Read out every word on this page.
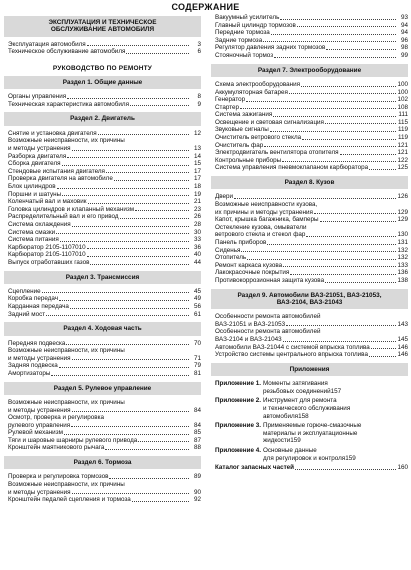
СОДЕРЖАНИЕ
ЭКСПЛУАТАЦИЯ И ТЕХНИЧЕСКОЕ ОБСЛУЖИВАНИЕ АВТОМОБИЛЯ
Эксплуатация автомобиля	3
Техническое обслуживание автомобиля	6
РУКОВОДСТВО ПО РЕМОНТУ
Раздел 1. Общие данные
Органы управления	8
Техническая характеристика автомобиля	9
Раздел 2. Двигатель
Снятие и установка двигателя	12
Возможные неисправности, их причины
и методы устранения	13
Разборка двигателя	14
Сборка двигателя	15
Стендовые испытания двигателя	17
Проверка двигателя на автомобиле	17
Блок цилиндров	18
Поршни и шатуны	19
Коленчатый вал и маховик	21
Головка цилиндров и клапанный механизм	23
Распределительный вал и его привод	26
Система охлаждения	28
Система смазки	30
Система питания	33
Карбюратор 2105-1107010	36
Карбюратор 2105-1107010	40
Выпуск отработавших газов	44
Раздел 3. Трансмиссия
Сцепление	45
Коробка передач	49
Карданная передача	56
Задний мост	61
Раздел 4. Ходовая часть
Передняя подвеска	70
Возможные неисправности, их причины
и методы устранения	71
Задняя подвеска	79
Амортизаторы	81
Раздел 5. Рулевое управление
Возможные неисправности, их причины
и методы устранения	84
Осмотр, проверка и регулировка
рулевого управления	84
Рулевой механизм	85
Тяги и шаровые шарниры рулевого привода	87
Кронштейн маятникового рычага	88
Раздел 6. Тормоза
Проверка и регулировка тормозов	89
Возможные неисправности, их причины
и методы устранения	90
Кронштейн педалей сцепления и тормоза	92
Вакуумный усилитель	93
Главный цилиндр тормозов	94
Передние тормоза	94
Задние тормоза	96
Регулятор давления задних тормозов	98
Стояночный тормоз	99
Раздел 7. Электрооборудование
Схема электрооборудования	100
Аккумуляторная батарея	100
Генератор	102
Стартер	108
Система зажигания	111
Освещение и световая сигнализация	115
Звуковые сигналы	119
Очиститель ветрового стекла	119
Очиститель фар	121
Электродвигатель вентилятора отопителя	121
Контрольные приборы	122
Система управления пневмоклапаном карбюратора	125
Раздел 8. Кузов
Двери	126
Возможные неисправности кузова,
их причины и методы устранения	129
Капот, крышка багажника, бамперы	129
Остекление кузова, омыватели
ветрового стекла и стекол фар	130
Панель приборов	131
Сиденья	132
Отопитель	132
Ремонт каркаса кузова	133
Лакокрасочные покрытия	136
Противокоррозионная защита кузова	138
Раздел 9. Автомобили ВАЗ-21051, ВАЗ-21053, ВАЗ-2104, ВАЗ-21043
Особенности ремонта автомобилей
ВАЗ-21051 и ВАЗ-21053	143
Особенности ремонта автомобилей
ВАЗ-2104 и ВАЗ-21043	145
Автомобили ВАЗ-21044 с системой впрыска топлива	146
Устройство системы центрального впрыска топлива	146
Приложения
Приложение 1. Моменты затягивания
резьбовых соединений 157
Приложение 2. Инструмент для ремонта
и технического обслуживания
автомобиля 158
Приложение 3. Применяемые горюче-смазочные
материалы и эксплуатационные
жидкости 159
Приложение 4. Основные данные
для регулировок и контроля 159
Каталог запасных частей	160
